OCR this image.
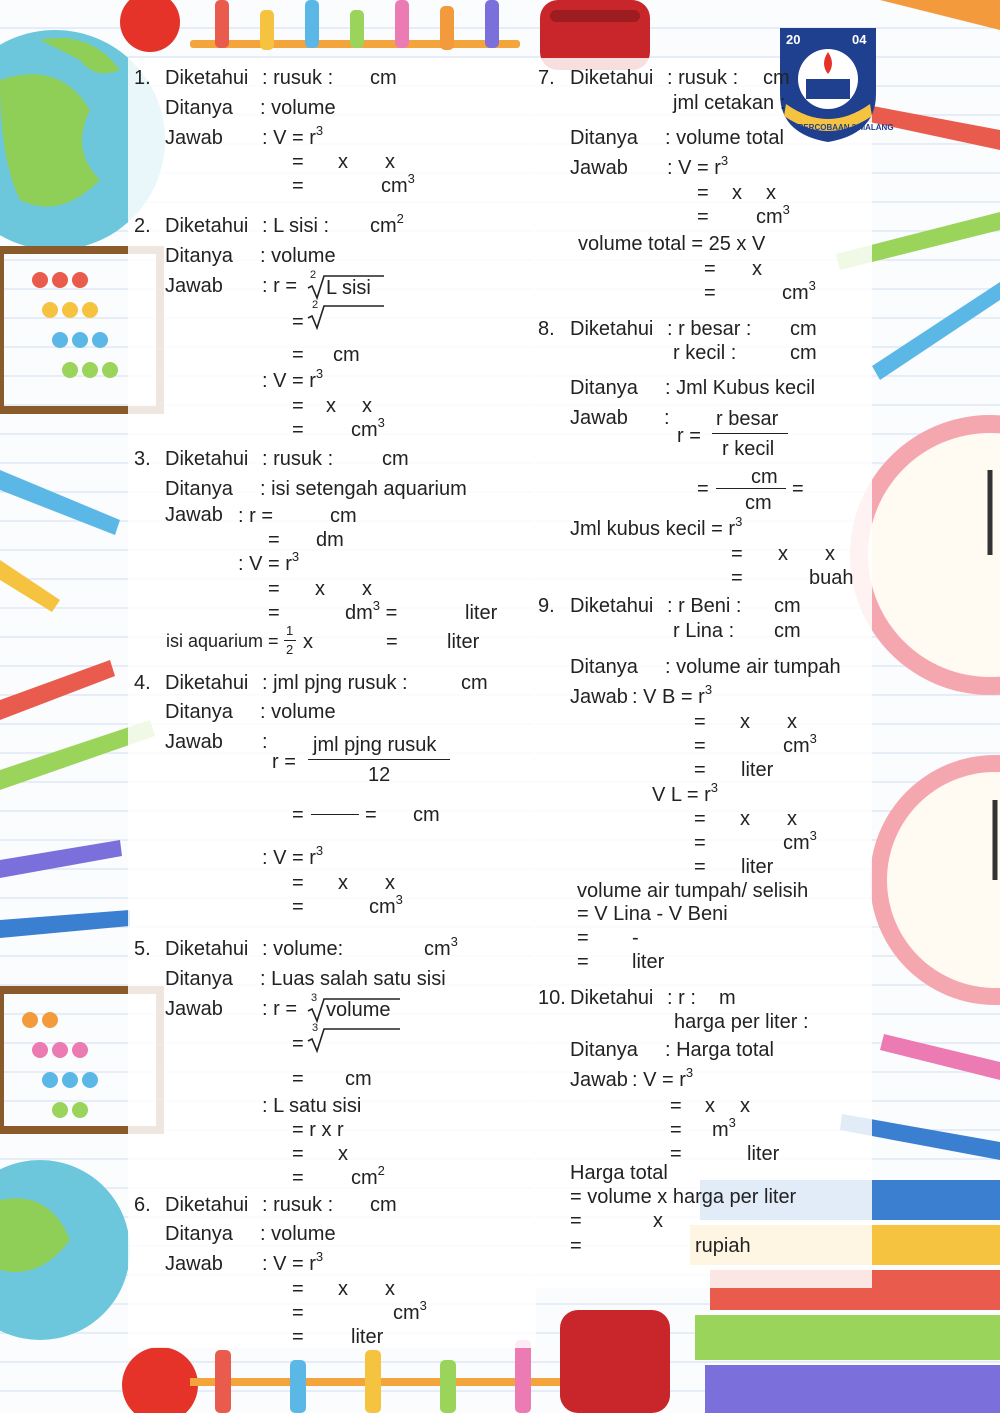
20	04
PERCOBAAN 2 MALANG
1. Diketahui : rusuk : cm
Ditanya : volume
Jawab : $V = r^3$
= x x
=	$cm^3$
2. Diketahui : L sisi : $cm^2$
Ditanya : volume
Jawab : r = 2
L sisi
=
2
= cm
: $V = r^3$
= x x
= $cm^3$
3. Diketahui : rusuk : cm
Ditanya : isi setengah aquarium
Jawab : r =	cm
= dm
: $V = r^3$
= x x
=	$dm^3$ =	liter
isi aquarium =
1
2 x	= liter
4. Diketahui : jml pjng rusuk :	cm
Ditanya : volume
Jawab :
r =
jml pjng rusuk
12
=	= cm
: $V = r^3$
= x x
=	$cm^3$
5. Diketahui : volume:	$cm^3$
Ditanya : Luas salah satu sisi
Jawab : r = 3
volume
=
3
= cm
: L satu sisi
= r x r
= x
= $cm^2$
6. Diketahui : rusuk : cm
Ditanya : volume
Jawab : $V = r^3$
= x x
=	$cm^3$
= liter
7. Diketahui : rusuk : cm
jml cetakan :
Ditanya : volume total
Jawab : $V = r^3$
= x x
= $cm^3$
volume total = 25 x V
= x
=	$cm^3$
8. Diketahui : r besar : cm
r kecil :	cm
Ditanya : Jml Kubus kecil
Jawab :
r =
r besar
r kecil
=
cm
cm
=
Jml kubus kecil = $r^3$
= x x
=	buah
9. Diketahui : r Beni : cm
r Lina : cm
Ditanya : volume air tumpah
Jawab : V $B = r^3$
= x x
=	$cm^3$
= liter
V $L = r^3$
= x x
=	$cm^3$
= liter
volume air tumpah/ selisih
= V Lina - V Beni
= -
= liter
10. Diketahui : r : m
harga per liter :
Ditanya : Harga total
Jawab : $V = r^3$
= x x
= $m^3$
=	liter
Harga total
= volume x harga per liter
=	x
=	rupiah
